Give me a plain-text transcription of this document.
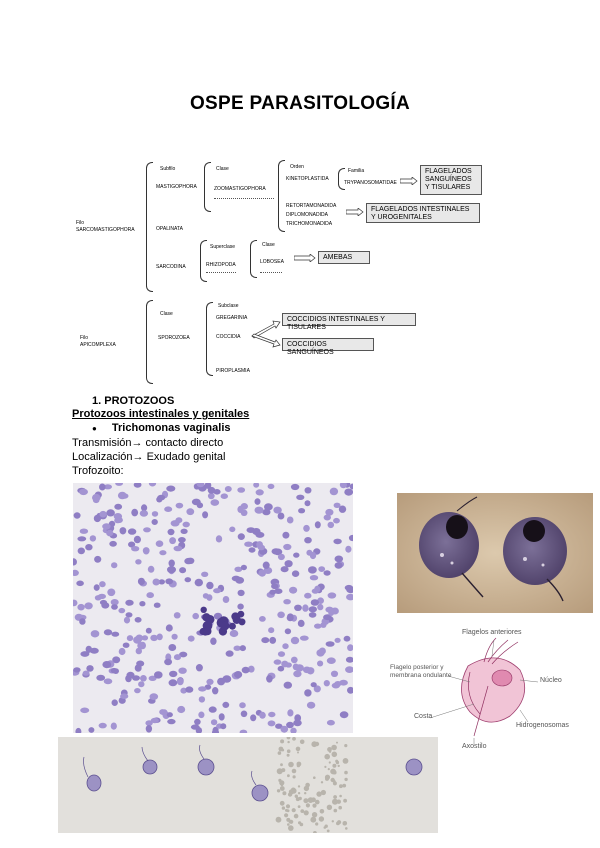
OSPE PARASITOLOGÍA
Filo
SARCOMASTIGOPHORA
Subfilo
MASTIGOPHORA
OPALINATA
SARCODINA
Clase
ZOOMASTIGOPHORA
Orden
KINETOPLASTIDA
RETORTAMONADIDA
DIPLOMONADIDA
TRICHOMONADIDA
Familia
TRYPANOSOMATIDAE
FLAGELADOS SANGUÍNEOS Y TISULARES
FLAGELADOS INTESTINALES Y UROGENITALES
Superclase
RHIZOPODA
Clase
LOBOSEA
AMEBAS
Filo
APICOMPLEXA
Clase
SPOROZOEA
Subclase
GREGARINIA
COCCIDIA
PIROPLASMIA
COCCIDIOS INTESTINALES Y TISULARES
COCCIDIOS SANGUÍNEOS
1. PROTOZOOS
Protozoos intestinales y genitales
● Trichomonas vaginalis
Transmisión→ contacto directo
Localización→ Exudado genital
Trofozoito:
Flagelos anteriores
Flagelo posterior y membrana ondulante
Núcleo
Costa
Hidrogenosomas
Axostilo
